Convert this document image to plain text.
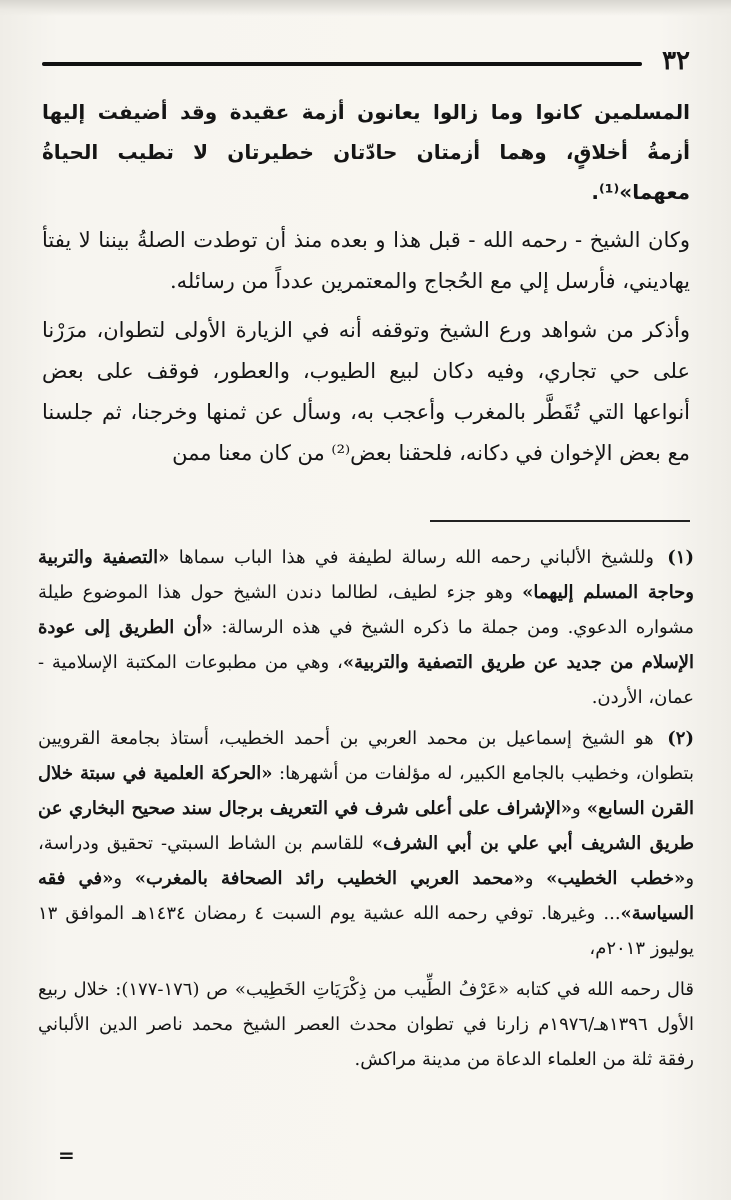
٣٢

المسلمين كانوا وما زالوا يعانون أزمة عقيدة وقد أضيفت إليها أزمةُ أخلاقٍ، وهما أزمتان حادّتان خطيرتان لا تطيب الحياةُ معهما»⁽¹⁾.

وكان الشيخ - رحمه الله - قبل هذا و بعده منذ أن توطدت الصلةُ بيننا لا يفتأ يهاديني، فأرسل إلي مع الحُجاج والمعتمرين عدداً من رسائله.

وأذكر من شواهد ورع الشيخ وتوقفه أنه في الزيارة الأولى لتطوان، مرَرْنا على حي تجاري، وفيه دكان لبيع الطيوب، والعطور، فوقف على بعض أنواعها التي تُقَطَّر بالمغرب وأعجب به، وسأل عن ثمنها وخرجنا، ثم جلسنا مع بعض الإخوان في دكانه، فلحقنا بعض⁽²⁾ من كان معنا ممن

(١) وللشيخ الألباني رحمه الله رسالة لطيفة في هذا الباب سماها «التصفية والتربية وحاجة المسلم إليهما» وهو جزء لطيف، لطالما دندن الشيخ حول هذا الموضوع طيلة مشواره الدعوي. ومن جملة ما ذكره الشيخ في هذه الرسالة: «أن الطريق إلى عودة الإسلام من جديد عن طريق التصفية والتربية»، وهي من مطبوعات المكتبة الإسلامية - عمان، الأردن.

(٢) هو الشيخ إسماعيل بن محمد العربي بن أحمد الخطيب، أستاذ بجامعة القرويين بتطوان، وخطيب بالجامع الكبير، له مؤلفات من أشهرها: «الحركة العلمية في سبتة خلال القرن السابع» و«الإشراف على أعلى شرف في التعريف برجال سند صحيح البخاري عن طريق الشريف أبي علي بن أبي الشرف» للقاسم بن الشاط السبتي- تحقيق ودراسة، و«خطب الخطيب» و«محمد العربي الخطيب رائد الصحافة بالمغرب» و«في فقه السياسة»... وغيرها. توفي رحمه الله عشية يوم السبت ٤ رمضان ١٤٣٤هـ الموافق ١٣ يوليوز ٢٠١٣م،

قال رحمه الله في كتابه «عَرْفُ الطِّيب من ذِكْرَيَاتِ الخَطِيب» ص (١٧٦-١٧٧): خلال ربيع الأول ١٣٩٦هـ/١٩٧٦م زارنا في تطوان محدث العصر الشيخ محمد ناصر الدين الألباني رفقة ثلة من العلماء الدعاة من مدينة مراكش.

=
